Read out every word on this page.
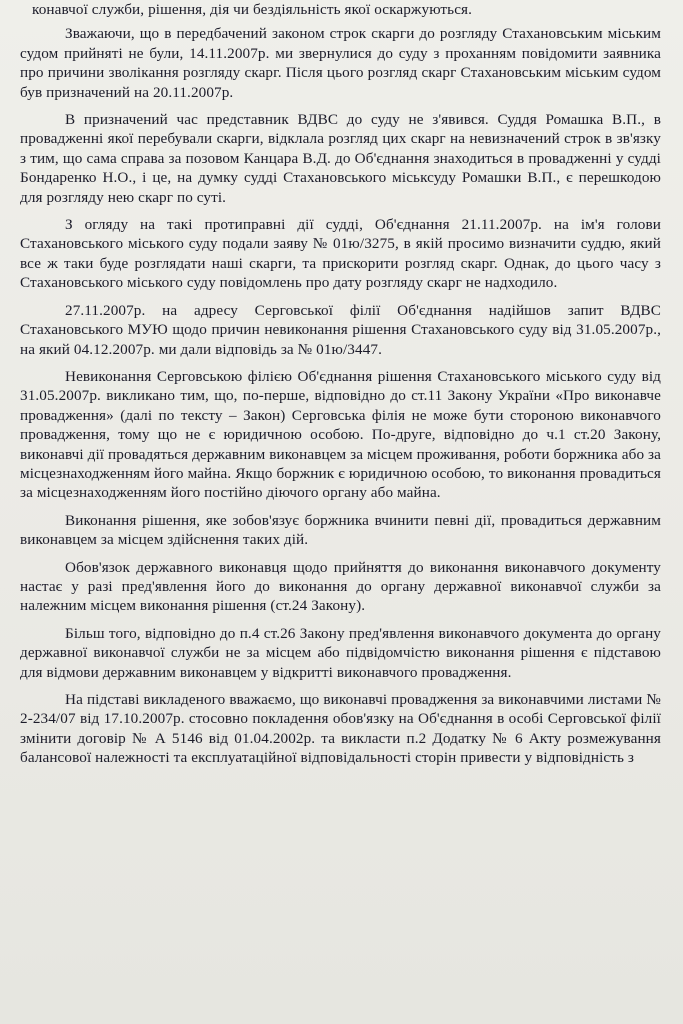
конавчої служби, рішення, дія чи бездіяльність якої оскаржуються.

Зважаючи, що в передбачений законом строк скарги до розгляду Стахановським міським судом прийняті не були, 14.11.2007р. ми звернулися до суду з проханням повідомити заявника про причини зволікання розгляду скарг. Після цього розгляд скарг Стахановським міським судом був призначений на 20.11.2007р.

В призначений час представник ВДВС до суду не з'явився. Суддя Ромашка В.П., в провадженні якої перебували скарги, відклала розгляд цих скарг на невизначений строк в зв'язку з тим, що сама справа за позовом Канцара В.Д. до Об'єднання знаходиться в провадженні у судді Бондаренко Н.О., і це, на думку судді Стахановського міськсуду Ромашки В.П., є перешкодою для розгляду нею скарг по суті.

З огляду на такі протиправні дії судді, Об'єднання 21.11.2007р. на ім'я голови Стахановського міського суду подали заяву № 01ю/3275, в якій просимо визначити суддю, який все ж таки буде розглядати наші скарги, та прискорити розгляд скарг. Однак, до цього часу з Стахановського міського суду повідомлень про дату розгляду скарг не надходило.

27.11.2007р. на адресу Серговської філії Об'єднання надійшов запит ВДВС Стахановського МУЮ щодо причин невиконання рішення Стахановського суду від 31.05.2007р., на який 04.12.2007р. ми дали відповідь за № 01ю/3447.

Невиконання Серговською філією Об'єднання рішення Стахановського міського суду від 31.05.2007р. викликано тим, що, по-перше, відповідно до ст.11 Закону України «Про виконавче провадження» (далі по тексту – Закон) Серговська філія не може бути стороною виконавчого провадження, тому що не є юридичною особою. По-друге, відповідно до ч.1 ст.20 Закону, виконавчі дії провадяться державним виконавцем за місцем проживання, роботи боржника або за місцезнаходженням його майна. Якщо боржник є юридичною особою, то виконання провадиться за місцезнаходженням його постійно діючого органу або майна.

Виконання рішення, яке зобов'язує боржника вчинити певні дії, провадиться державним виконавцем за місцем здійснення таких дій.

Обов'язок державного виконавця щодо прийняття до виконання виконавчого документу настає у разі пред'явлення його до виконання до органу державної виконавчої служби за належним місцем виконання рішення (ст.24 Закону).

Більш того, відповідно до п.4 ст.26 Закону пред'явлення виконавчого документа до органу державної виконавчої служби не за місцем або підвідомчістю виконання рішення є підставою для відмови державним виконавцем у відкритті виконавчого провадження.

На підставі викладеного вважаємо, що виконавчі провадження за виконавчими листами № 2-234/07 від 17.10.2007р. стосовно покладення обов'язку на Об'єднання в особі Серговської філії змінити договір № А 5146 від 01.04.2002р. та викласти п.2 Додатку № 6 Акту розмежування балансової належності та експлуатаційної відповідальності сторін привести у відповідність з
